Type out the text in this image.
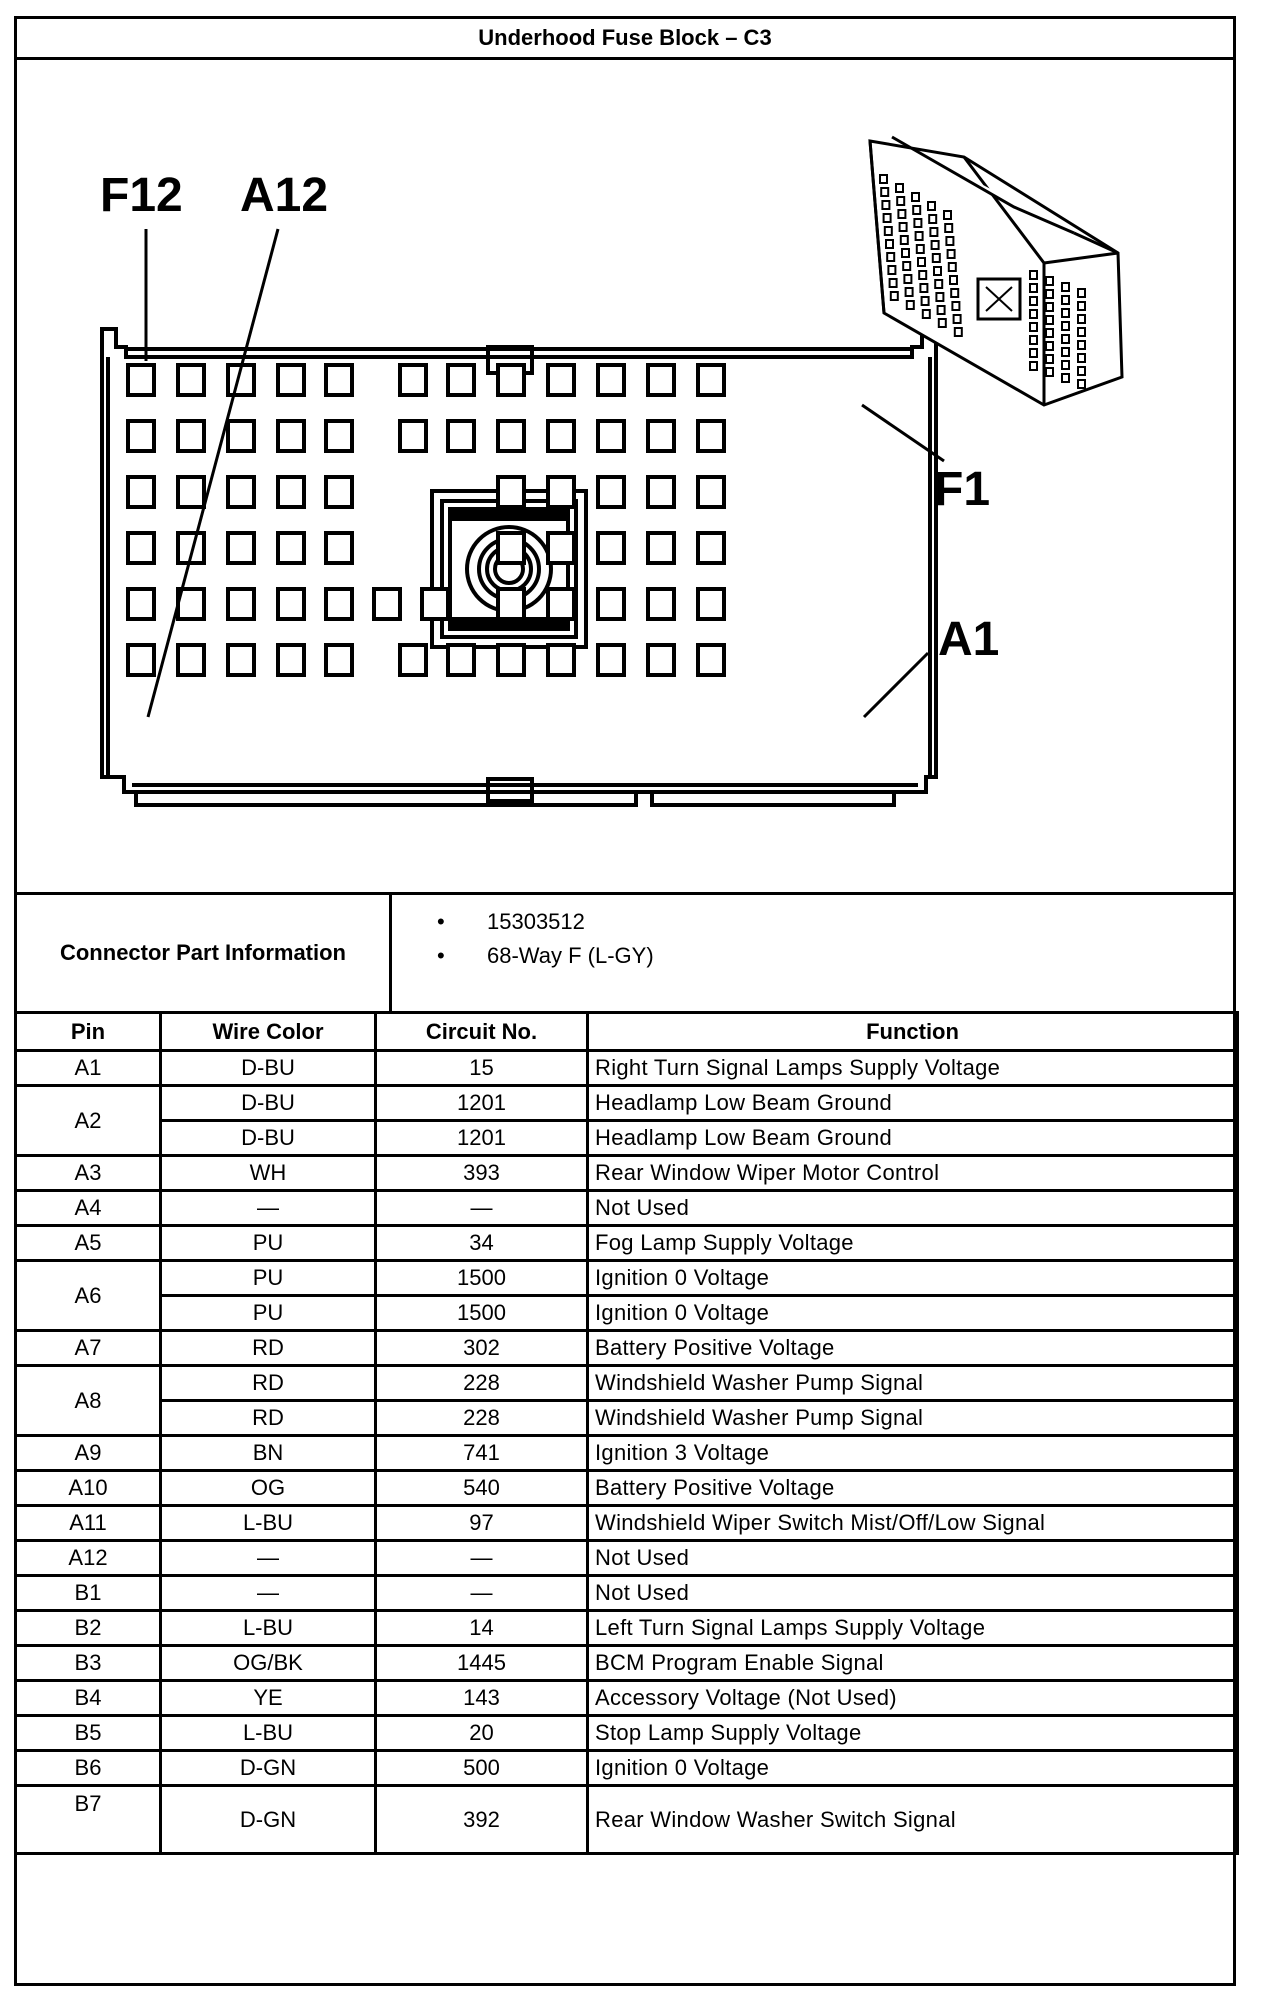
Underhood Fuse Block – C3
F12 A12
F1
A1
Connector Part Information
• 15303512
• 68-Way F (L-GY)
Pin	Wire Color	Circuit No.	Function
A1	D-BU	15	Right Turn Signal Lamps Supply Voltage
A2	D-BU	1201	Headlamp Low Beam Ground
	D-BU	1201	Headlamp Low Beam Ground
A3	WH	393	Rear Window Wiper Motor Control
A4	—	—	Not Used
A5	PU	34	Fog Lamp Supply Voltage
A6	PU	1500	Ignition 0 Voltage
	PU	1500	Ignition 0 Voltage
A7	RD	302	Battery Positive Voltage
A8	RD	228	Windshield Washer Pump Signal
	RD	228	Windshield Washer Pump Signal
A9	BN	741	Ignition 3 Voltage
A10	OG	540	Battery Positive Voltage
A11	L-BU	97	Windshield Wiper Switch Mist/Off/Low Signal
A12	—	—	Not Used
B1	—	—	Not Used
B2	L-BU	14	Left Turn Signal Lamps Supply Voltage
B3	OG/BK	1445	BCM Program Enable Signal
B4	YE	143	Accessory Voltage (Not Used)
B5	L-BU	20	Stop Lamp Supply Voltage
B6	D-GN	500	Ignition 0 Voltage
B7	D-GN	392	Rear Window Washer Switch Signal
